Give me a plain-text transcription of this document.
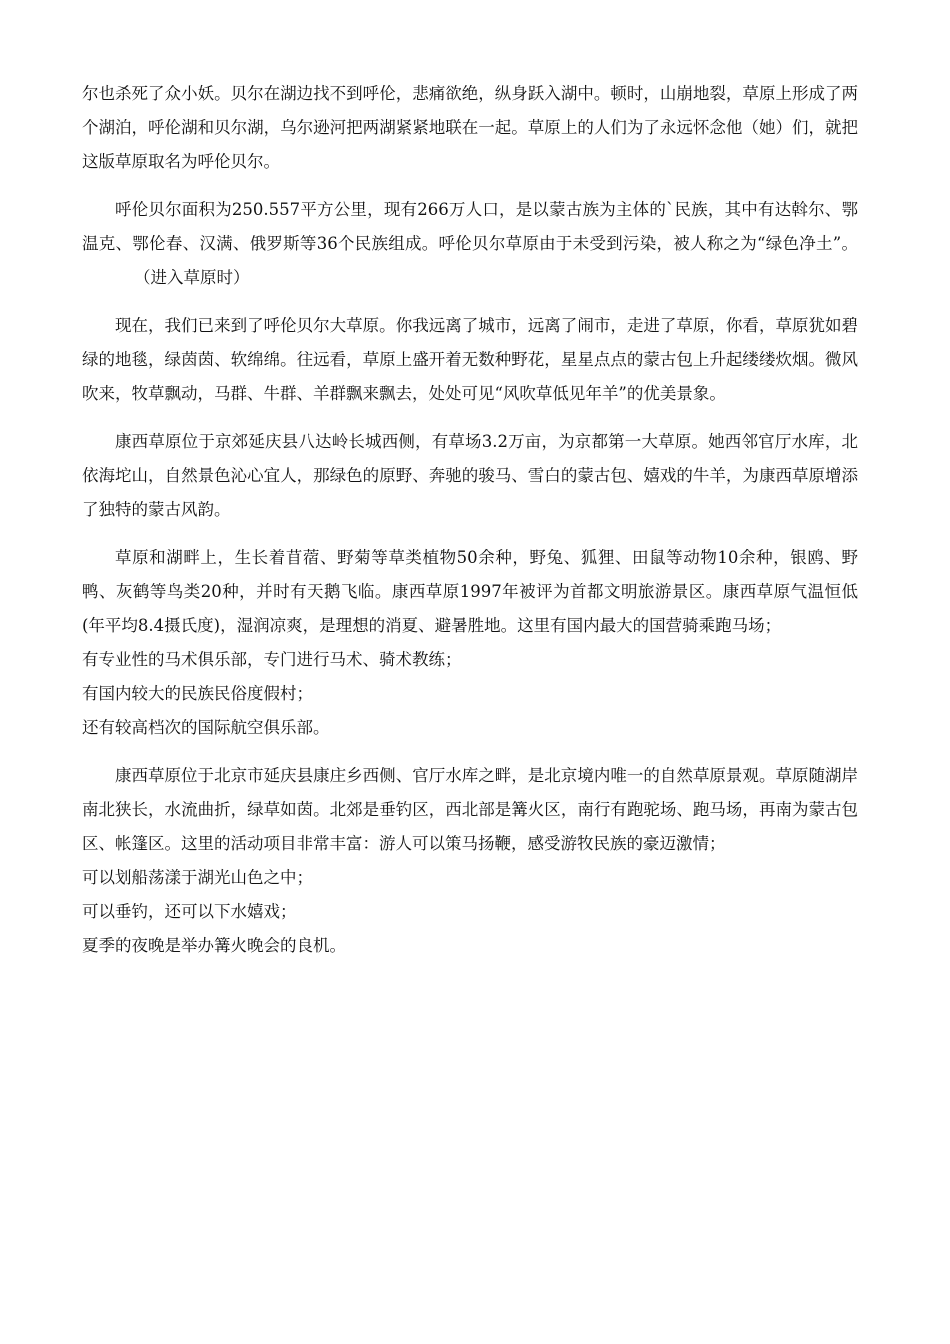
尔也杀死了众小妖。贝尔在湖边找不到呼伦，悲痛欲绝，纵身跃入湖中。顿时，山崩地裂，草原上形成了两个湖泊，呼伦湖和贝尔湖，乌尔逊河把两湖紧紧地联在一起。草原上的人们为了永远怀念他（她）们，就把这版草原取名为呼伦贝尔。

呼伦贝尔面积为250.557平方公里，现有266万人口，是以蒙古族为主体的`民族，其中有达斡尔、鄂温克、鄂伦春、汉满、俄罗斯等36个民族组成。呼伦贝尔草原由于未受到污染，被人称之为“绿色净土”。（进入草原时）

现在，我们已来到了呼伦贝尔大草原。你我远离了城市，远离了闹市，走进了草原，你看，草原犹如碧绿的地毯，绿茵茵、软绵绵。往远看，草原上盛开着无数种野花，星星点点的蒙古包上升起缕缕炊烟。微风吹来，牧草飘动，马群、牛群、羊群飘来飘去，处处可见“风吹草低见年羊”的优美景象。

康西草原位于京郊延庆县八达岭长城西侧，有草场3.2万亩，为京都第一大草原。她西邻官厅水库，北依海坨山，自然景色沁心宜人，那绿色的原野、奔驰的骏马、雪白的蒙古包、嬉戏的牛羊，为康西草原增添了独特的蒙古风韵。

草原和湖畔上，生长着苜蓿、野菊等草类植物50余种，野兔、狐狸、田鼠等动物10余种，银鸥、野鸭、灰鹤等鸟类20种，并时有天鹅飞临。康西草原1997年被评为首都文明旅游景区。康西草原气温恒低(年平均8.4摄氏度)，湿润凉爽，是理想的消夏、避暑胜地。这里有国内最大的国营骑乘跑马场；

有专业性的马术俱乐部，专门进行马术、骑术教练；

有国内较大的民族民俗度假村；

还有较高档次的国际航空俱乐部。

康西草原位于北京市延庆县康庄乡西侧、官厅水库之畔，是北京境内唯一的自然草原景观。草原随湖岸南北狭长，水流曲折，绿草如茵。北郊是垂钓区，西北部是篝火区，南行有跑驼场、跑马场，再南为蒙古包区、帐篷区。这里的活动项目非常丰富：游人可以策马扬鞭，感受游牧民族的豪迈激情；

可以划船荡漾于湖光山色之中；

可以垂钓，还可以下水嬉戏；

夏季的夜晚是举办篝火晚会的良机。
